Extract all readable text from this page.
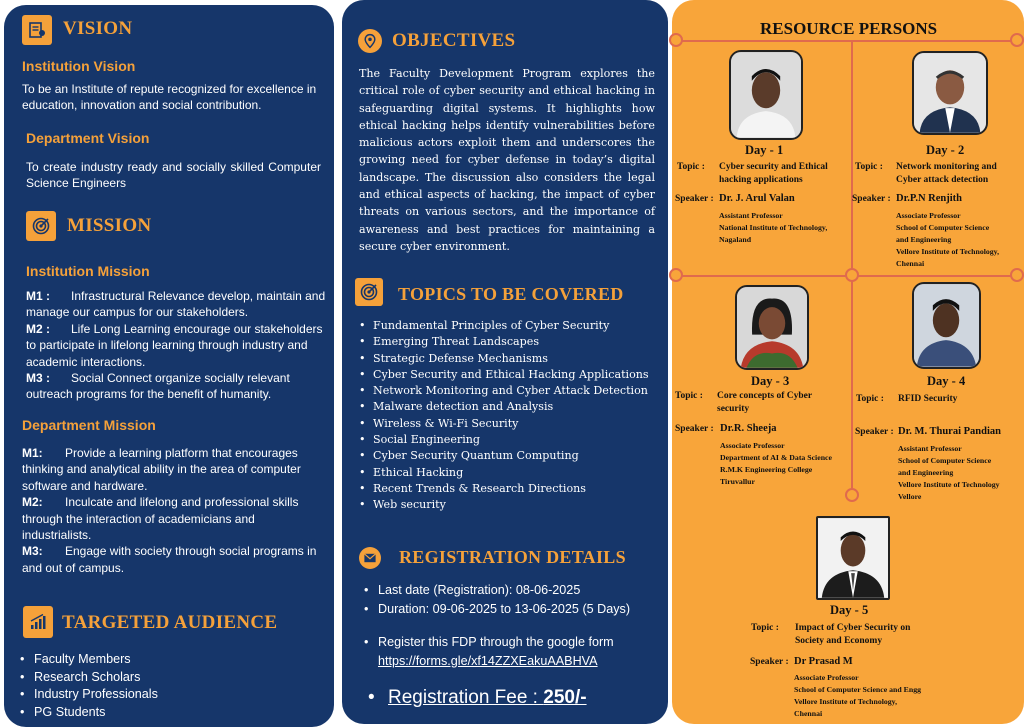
VISION
Institution Vision
To be an Institute of repute recognized for excellence in education, innovation and social contribution.
Department Vision
To create industry ready and socially skilled Computer Science Engineers
MISSION
Institution Mission
M1 : Infrastructural Relevance develop, maintain and manage our campus for our stakeholders.
M2 : Life Long Learning encourage our stakeholders to participate in lifelong learning through industry and academic interactions.
M3 : Social Connect organize socially relevant outreach programs for the benefit of humanity.
Department Mission
M1: Provide a learning platform that encourages thinking and analytical ability in the area of computer software and hardware.
M2: Inculcate and lifelong and professional skills through the interaction of academicians and industrialists.
M3: Engage with society through social programs in and out of campus.
TARGETED AUDIENCE
• Faculty Members
• Research Scholars
• Industry Professionals
• PG Students
OBJECTIVES
The Faculty Development Program explores the critical role of cyber security and ethical hacking in safeguarding digital systems. It highlights how ethical hacking helps identify vulnerabilities before malicious actors exploit them and underscores the growing need for cyber defense in today’s digital landscape. The discussion also considers the legal and ethical aspects of hacking, the impact of cyber threats on various sectors, and the importance of awareness and best practices for maintaining a secure cyber environment.
TOPICS TO BE COVERED
• Fundamental Principles of Cyber Security
• Emerging Threat Landscapes
• Strategic Defense Mechanisms
• Cyber Security and Ethical Hacking Applications
• Network Monitoring and Cyber Attack Detection
• Malware detection and Analysis
• Wireless & Wi-Fi Security
• Social Engineering
• Cyber Security Quantum Computing
• Ethical Hacking
• Recent Trends & Research Directions
• Web security
REGISTRATION DETAILS
• Last date (Registration): 08-06-2025
• Duration: 09-06-2025 to 13-06-2025 (5 Days)
• Register this FDP through the google form
https://forms.gle/xf14ZZXEakuAABHVA
• Registration Fee : 250/-
RESOURCE PERSONS
Day - 1
Topic : Cyber security and Ethical hacking applications
Speaker : Dr. J. Arul Valan
Assistant Professor
National Institute of Technology,
Nagaland
Day - 2
Topic : Network monitoring and Cyber attack detection
Speaker : Dr.P.N Renjith
Associate Professor
School of Computer Science
and Engineering
Vellore Institute of Technology,
Chennai
Day - 3
Topic : Core concepts of Cyber security
Speaker : Dr.R. Sheeja
Associate Professor
Department of AI & Data Science
R.M.K Engineering College
Tiruvallur
Day - 4
Topic : RFID Security
Speaker : Dr. M. Thurai Pandian
Assistant Professor
School of Computer Science
and Engineering
Vellore Institute of Technology
Vellore
Day - 5
Topic : Impact of Cyber Security on Society and Economy
Speaker : Dr Prasad M
Associate Professor
School of Computer Science and Engg
Vellore Institute of Technology,
Chennai
